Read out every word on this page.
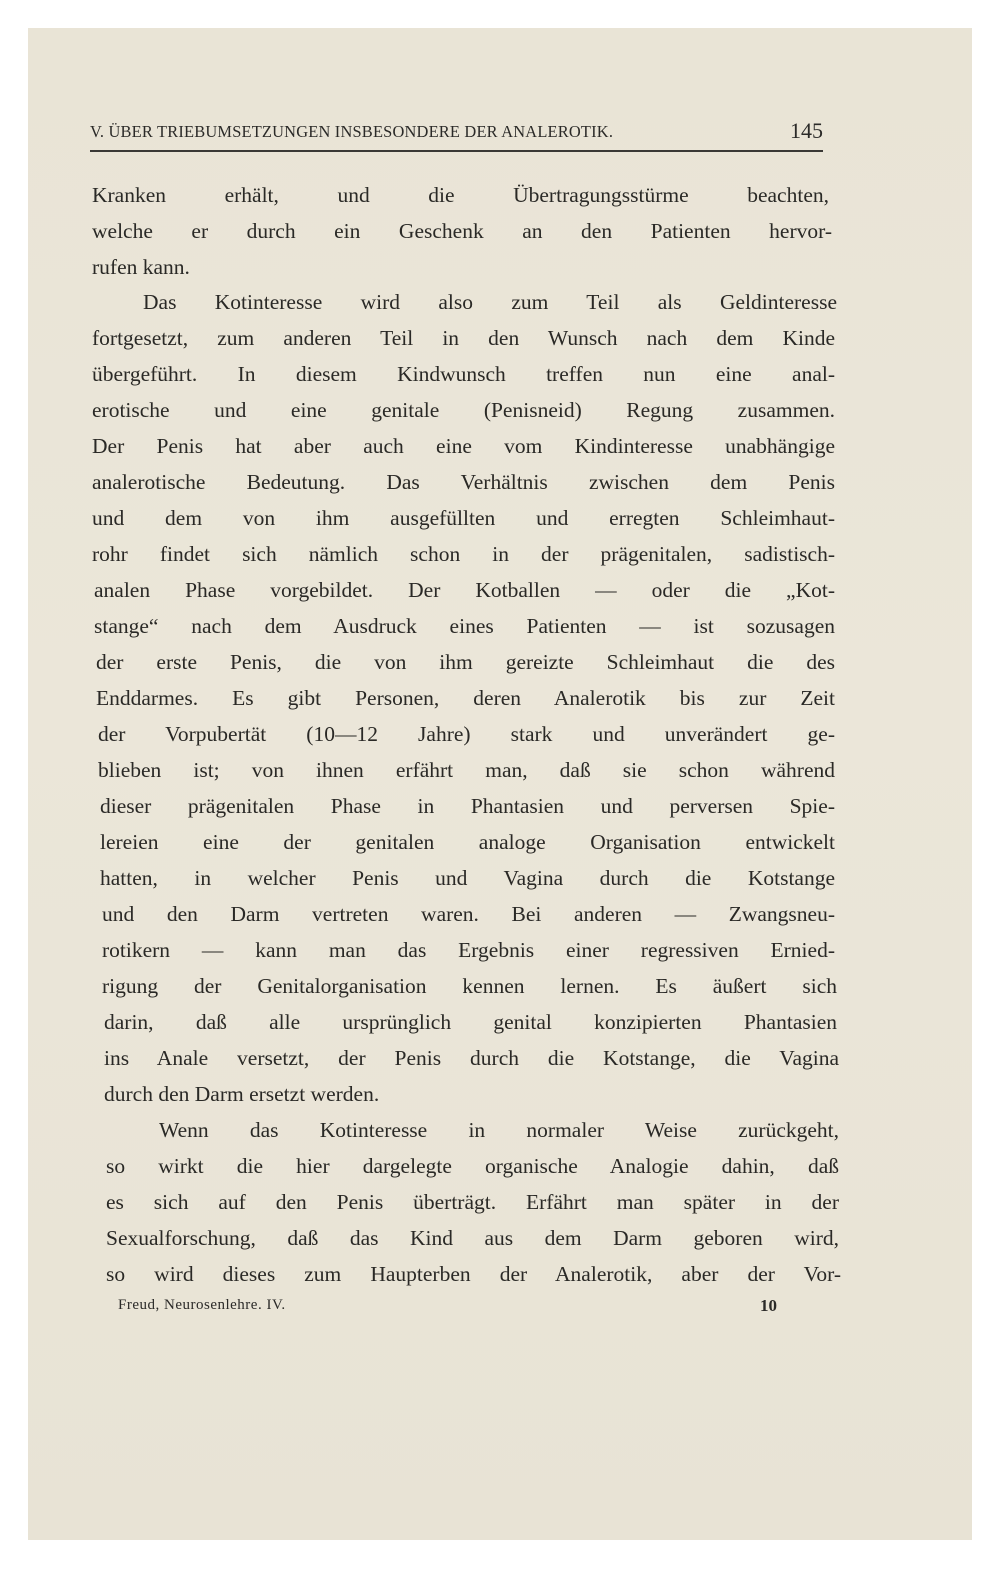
V. ÜBER TRIEBUMSETZUNGEN INSBESONDERE DER ANALEROTIK.	145
Kranken erhält, und die Übertragungsstürme beachten,
welche er durch ein Geschenk an den Patienten hervor-
rufen kann.
Das Kotinteresse wird also zum Teil als Geldinteresse
fortgesetzt, zum anderen Teil in den Wunsch nach dem Kinde
übergeführt. In diesem Kindwunsch treffen nun eine anal-
erotische und eine genitale (Penisneid) Regung zusammen.
Der Penis hat aber auch eine vom Kindinteresse unabhängige
analerotische Bedeutung. Das Verhältnis zwischen dem Penis
und dem von ihm ausgefüllten und erregten Schleimhaut-
rohr findet sich nämlich schon in der prägenitalen, sadistisch-
analen Phase vorgebildet. Der Kotballen — oder die „Kot-
stange“ nach dem Ausdruck eines Patienten — ist sozusagen
der erste Penis, die von ihm gereizte Schleimhaut die des
Enddarmes. Es gibt Personen, deren Analerotik bis zur Zeit
der Vorpubertät (10—12 Jahre) stark und unverändert ge-
blieben ist; von ihnen erfährt man, daß sie schon während
dieser prägenitalen Phase in Phantasien und perversen Spie-
lereien eine der genitalen analoge Organisation entwickelt
hatten, in welcher Penis und Vagina durch die Kotstange
und den Darm vertreten waren. Bei anderen — Zwangsneu-
rotikern — kann man das Ergebnis einer regressiven Ernied-
rigung der Genitalorganisation kennen lernen. Es äußert sich
darin, daß alle ursprünglich genital konzipierten Phantasien
ins Anale versetzt, der Penis durch die Kotstange, die Vagina
durch den Darm ersetzt werden.
Wenn das Kotinteresse in normaler Weise zurückgeht,
so wirkt die hier dargelegte organische Analogie dahin, daß
es sich auf den Penis überträgt. Erfährt man später in der
Sexualforschung, daß das Kind aus dem Darm geboren wird,
so wird dieses zum Haupterben der Analerotik, aber der Vor-
Freud, Neurosenlehre. IV.	10
